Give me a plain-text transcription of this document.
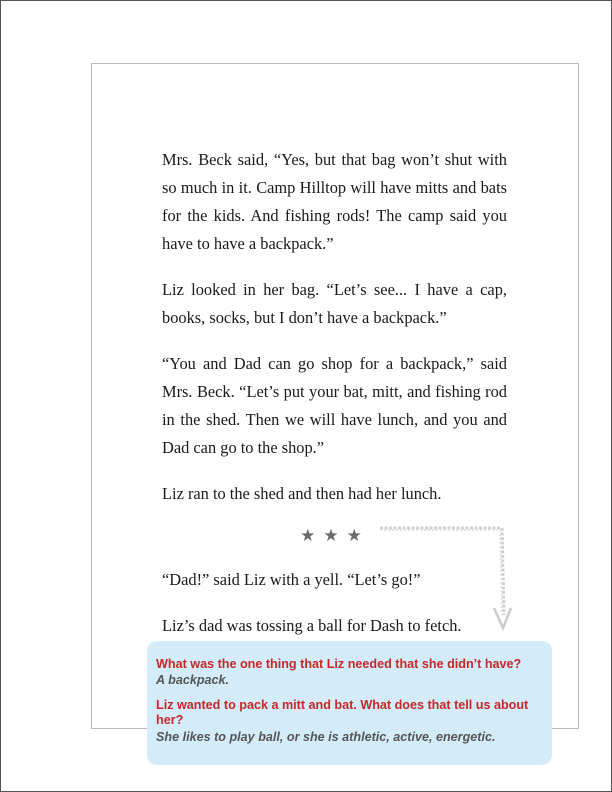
Mrs. Beck said, “Yes, but that bag won’t shut with so much in it. Camp Hilltop will have mitts and bats for the kids. And fishing rods! The camp said you have to have a backpack.”

Liz looked in her bag. “Let’s see... I have a cap, books, socks, but I don’t have a backpack.”

“You and Dad can go shop for a backpack,” said Mrs. Beck. “Let’s put your bat, mitt, and fishing rod in the shed. Then we will have lunch, and you and Dad can go to the shop.”

Liz ran to the shed and then had her lunch.

★★★

“Dad!” said Liz with a yell. “Let’s go!”

Liz’s dad was tossing a ball for Dash to fetch.

What was the one thing that Liz needed that she didn’t have?
A backpack.
Liz wanted to pack a mitt and bat. What does that tell us about her?
She likes to play ball, or she is athletic, active, energetic.
